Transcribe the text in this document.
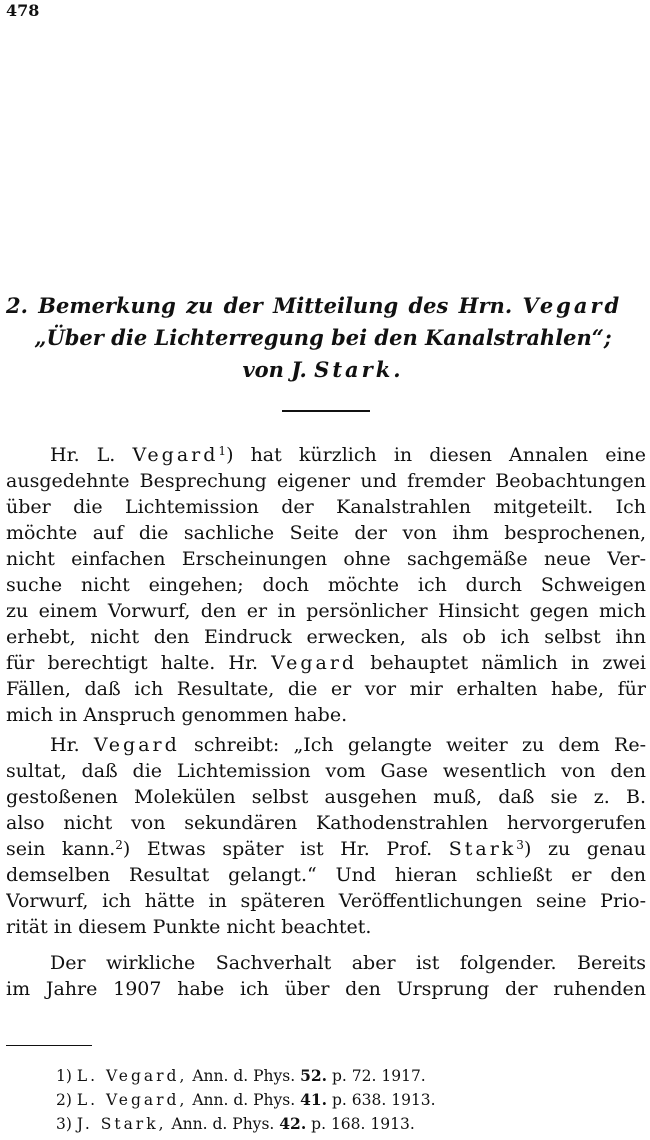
478
2. Bemerkung zu der Mitteilung des Hrn. Vegard
„Über die Lichterregung bei den Kanalstrahlen“;
von J. Stark.
Hr. L. Vegard$^1$) hat kürzlich in diesen Annalen eine
ausgedehnte Besprechung eigener und fremder Beobachtungen
über die Lichtemission der Kanalstrahlen mitgeteilt. Ich
möchte auf die sachliche Seite der von ihm besprochenen,
nicht einfachen Erscheinungen ohne sachgemäße neue Ver-
suche nicht eingehen; doch möchte ich durch Schweigen
zu einem Vorwurf, den er in persönlicher Hinsicht gegen mich
erhebt, nicht den Eindruck erwecken, als ob ich selbst ihn
für berechtigt halte. Hr. Vegard behauptet nämlich in zwei
Fällen, daß ich Resultate, die er vor mir erhalten habe, für
mich in Anspruch genommen habe.
Hr. Vegard schreibt: „Ich gelangte weiter zu dem Re-
sultat, daß die Lichtemission vom Gase wesentlich von den
gestoßenen Molekülen selbst ausgehen muß, daß sie z. B.
also nicht von sekundären Kathodenstrahlen hervorgerufen
sein kann.$^2$) Etwas später ist Hr. Prof. Stark$^3$) zu genau
demselben Resultat gelangt.“ Und hieran schließt er den
Vorwurf, ich hätte in späteren Veröffentlichungen seine Prio-
rität in diesem Punkte nicht beachtet.
Der wirkliche Sachverhalt aber ist folgender. Bereits
im Jahre 1907 habe ich über den Ursprung der ruhenden
1) L. Vegard, Ann. d. Phys. 52. p. 72. 1917.
2) L. Vegard, Ann. d. Phys. 41. p. 638. 1913.
3) J. Stark, Ann. d. Phys. 42. p. 168. 1913.
